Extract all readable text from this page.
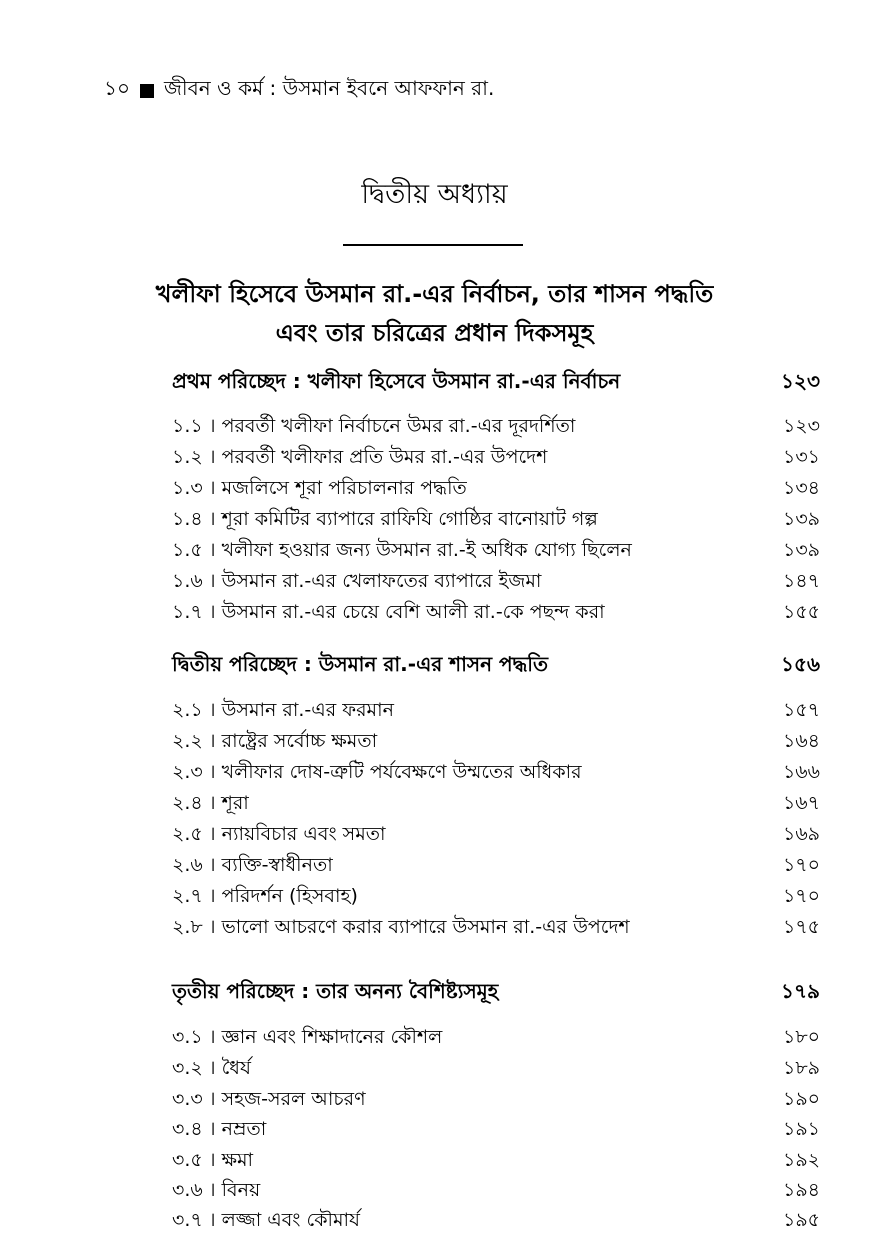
১০ জীবন ও কর্ম : উসমান ইবনে আফফান রা.
দ্বিতীয় অধ্যায়
খলীফা হিসেবে উসমান রা.-এর নির্বাচন, তার শাসন পদ্ধতি
এবং তার চরিত্রের প্রধান দিকসমূহ
প্রথম পরিচ্ছেদ : খলীফা হিসেবে উসমান রা.-এর নির্বাচন	১২৩
১.১ । পরবর্তী খলীফা নির্বাচনে উমর রা.-এর দূরদর্শিতা	১২৩
১.২ । পরবর্তী খলীফার প্রতি উমর রা.-এর উপদেশ	১৩১
১.৩ । মজলিসে শূরা পরিচালনার পদ্ধতি	১৩৪
১.৪ । শূরা কমিটির ব্যাপারে রাফিযি গোষ্ঠির বানোয়াট গল্প	১৩৯
১.৫ । খলীফা হওয়ার জন্য উসমান রা.-ই অধিক যোগ্য ছিলেন	১৩৯
১.৬ । উসমান রা.-এর খেলাফতের ব্যাপারে ইজমা	১৪৭
১.৭ । উসমান রা.-এর চেয়ে বেশি আলী রা.-কে পছন্দ করা	১৫৫
দ্বিতীয় পরিচ্ছেদ : উসমান রা.-এর শাসন পদ্ধতি	১৫৬
২.১ । উসমান রা.-এর ফরমান	১৫৭
২.২ । রাষ্ট্রের সর্বোচ্চ ক্ষমতা	১৬৪
২.৩ । খলীফার দোষ-ত্রুটি পর্যবেক্ষণে উম্মতের অধিকার	১৬৬
২.৪ । শূরা	১৬৭
২.৫ । ন্যায়বিচার এবং সমতা	১৬৯
২.৬ । ব্যক্তি-স্বাধীনতা	১৭০
২.৭ । পরিদর্শন (হিসবাহ)	১৭০
২.৮ । ভালো আচরণে করার ব্যাপারে উসমান রা.-এর উপদেশ	১৭৫
তৃতীয় পরিচ্ছেদ : তার অনন্য বৈশিষ্ট্যসমূহ	১৭৯
৩.১ । জ্ঞান এবং শিক্ষাদানের কৌশল	১৮০
৩.২ । ধৈর্য	১৮৯
৩.৩ । সহজ-সরল আচরণ	১৯০
৩.৪ । নম্রতা	১৯১
৩.৫ । ক্ষমা	১৯২
৩.৬ । বিনয়	১৯৪
৩.৭ । লজ্জা এবং কৌমার্য	১৯৫
